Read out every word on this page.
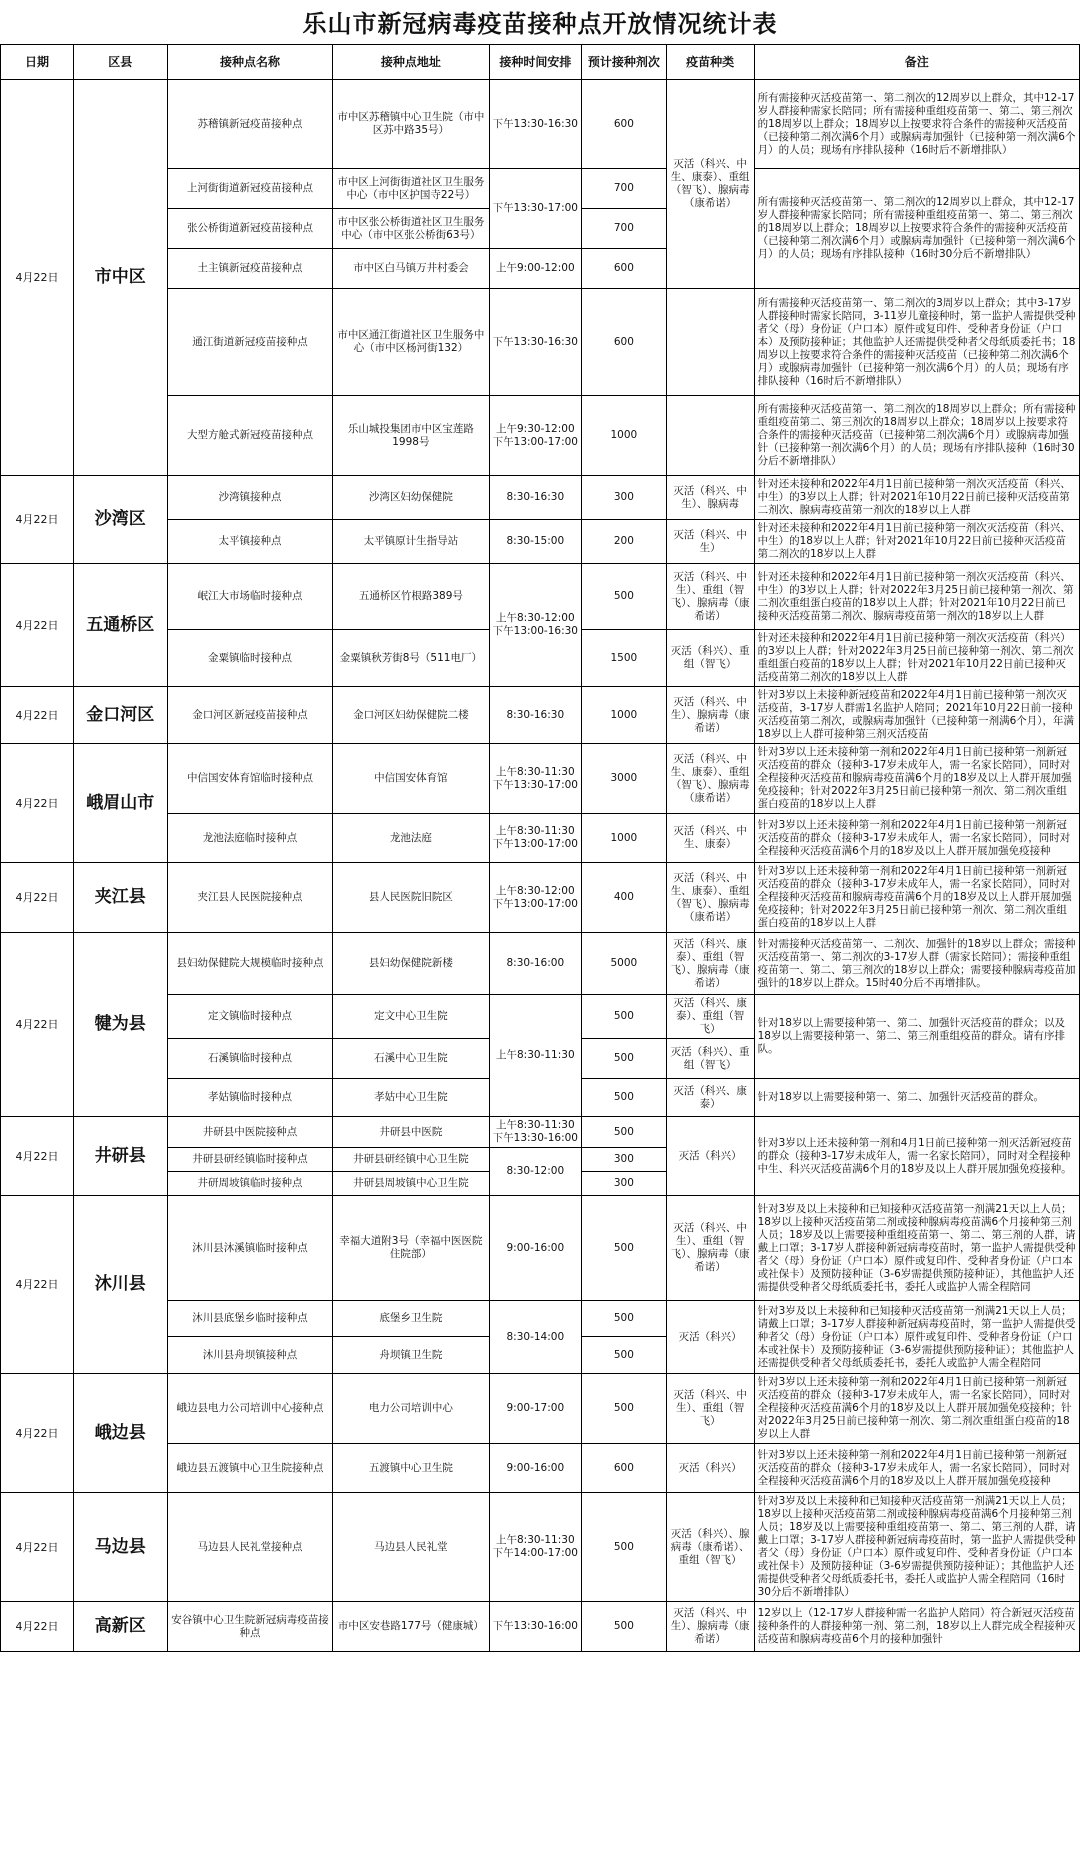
乐山市新冠病毒疫苗接种点开放情况统计表
日期	区县	接种点名称	接种点地址	接种时间安排	预计接种剂次	疫苗种类	备注
4月22日	市中区	苏稽镇新冠疫苗接种点	市中区苏稽镇中心卫生院（市中区苏中路35号）	下午13:30-16:30	600	灭活（科兴、中生、康泰）、重组（智飞）、腺病毒（康希诺）	所有需接种灭活疫苗第一、第二剂次的12周岁以上群众，其中12-17岁人群接种需家长陪同；所有需接种重组疫苗第一、第二、第三剂次的18周岁以上群众；18周岁以上按要求符合条件的需接种灭活疫苗（已接种第二剂次满6个月）或腺病毒加强针（已接种第一剂次满6个月）的人员；现场有序排队接种（16时后不新增排队）
		上河街街道新冠疫苗接种点	市中区上河街街道社区卫生服务中心（市中区护国寺22号）	下午13:30-17:00	700		所有需接种灭活疫苗第一、第二剂次的12周岁以上群众，其中12-17岁人群接种需家长陪同；所有需接种重组疫苗第一、第二、第三剂次的18周岁以上群众；18周岁以上按要求符合条件的需接种灭活疫苗（已接种第二剂次满6个月）或腺病毒加强针（已接种第一剂次满6个月）的人员；现场有序排队接种（16时30分后不新增排队）
		张公桥街道新冠疫苗接种点	市中区张公桥街道社区卫生服务中心（市中区张公桥街63号）		700		
		土主镇新冠疫苗接种点	市中区白马镇万井村委会	上午9:00-12:00	600		
		通江街道新冠疫苗接种点	市中区通江街道社区卫生服务中心（市中区杨河街132）	下午13:30-16:30	600		所有需接种灭活疫苗第一、第二剂次的3周岁以上群众；其中3-17岁人群接种时需家长陪同，3-11岁儿童接种时，第一监护人需提供受种者父（母）身份证（户口本）原件或复印件、受种者身份证（户口本）及预防接种证；其他监护人还需提供受种者父母纸质委托书；18周岁以上按要求符合条件的需接种灭活疫苗（已接种第二剂次满6个月）或腺病毒加强针（已接种第一剂次满6个月）的人员；现场有序排队接种（16时后不新增排队）
		大型方舱式新冠疫苗接种点	乐山城投集团市中区宝莲路1998号	上午9:30-12:00 下午13:00-17:00	1000		所有需接种灭活疫苗第一、第二剂次的18周岁以上群众；所有需接种重组疫苗第二、第三剂次的18周岁以上群众；18周岁以上按要求符合条件的需接种灭活疫苗（已接种第二剂次满6个月）或腺病毒加强针（已接种第一剂次满6个月）的人员；现场有序排队接种（16时30分后不新增排队）
4月22日	沙湾区	沙湾镇接种点	沙湾区妇幼保健院	8:30-16:30	300	灭活（科兴、中生）、腺病毒	针对还未接种和2022年4月1日前已接种第一剂次灭活疫苗（科兴、中生）的3岁以上人群；针对2021年10月22日前已接种灭活疫苗第二剂次、腺病毒疫苗第一剂次的18岁以上人群
		太平镇接种点	太平镇原计生指导站	8:30-15:00	200	灭活（科兴、中生）	针对还未接种和2022年4月1日前已接种第一剂次灭活疫苗（科兴、中生）的18岁以上人群；针对2021年10月22日前已接种灭活疫苗第二剂次的18岁以上人群
4月22日	五通桥区	岷江大市场临时接种点	五通桥区竹根路389号	上午8:30-12:00 下午13:00-16:30	500	灭活（科兴、中生）、重组（智飞）、腺病毒（康希诺）	针对还未接种和2022年4月1日前已接种第一剂次灭活疫苗（科兴、中生）的3岁以上人群；针对2022年3月25日前已接种第一剂次、第二剂次重组蛋白疫苗的18岁以上人群；针对2021年10月22日前已接种灭活疫苗第二剂次、腺病毒疫苗第一剂次的18岁以上人群
		金粟镇临时接种点	金粟镇秋芳街8号（511电厂）		1500	灭活（科兴）、重组（智飞）	针对还未接种和2022年4月1日前已接种第一剂次灭活疫苗（科兴）的3岁以上人群；针对2022年3月25日前已接种第一剂次、第二剂次重组蛋白疫苗的18岁以上人群；针对2021年10月22日前已接种灭活疫苗第二剂次的18岁以上人群
4月22日	金口河区	金口河区新冠疫苗接种点	金口河区妇幼保健院二楼	8:30-16:30	1000	灭活（科兴、中生）、腺病毒（康希诺）	针对3岁以上未接种新冠疫苗和2022年4月1日前已接种第一剂次灭活疫苗，3-17岁人群需1名监护人陪同；2021年10月22日前一接种灭活疫苗第二剂次，或腺病毒加强针（已接种第一剂满6个月），年满18岁以上人群可接种第三剂灭活疫苗
4月22日	峨眉山市	中信国安体育馆临时接种点	中信国安体育馆	上午8:30-11:30 下午13:30-17:00	3000	灭活（科兴、中生、康泰）、重组（智飞）、腺病毒（康希诺）	针对3岁以上还未接种第一剂和2022年4月1日前已接种第一剂新冠灭活疫苗的群众（接种3-17岁未成年人，需一名家长陪同），同时对全程接种灭活疫苗和腺病毒疫苗满6个月的18岁及以上人群开展加强免疫接种；针对2022年3月25日前已接种第一剂次、第二剂次重组蛋白疫苗的18岁以上人群
		龙池法庭临时接种点	龙池法庭	上午8:30-11:30 下午13:00-17:00	1000	灭活（科兴、中生、康泰）	针对3岁以上还未接种第一剂和2022年4月1日前已接种第一剂新冠灭活疫苗的群众（接种3-17岁未成年人，需一名家长陪同），同时对全程接种灭活疫苗满6个月的18岁及以上人群开展加强免疫接种
4月22日	夹江县	夹江县人民医院接种点	县人民医院旧院区	上午8:30-12:00 下午13:00-17:00	400	灭活（科兴、中生、康泰）、重组（智飞）、腺病毒（康希诺）	针对3岁以上还未接种第一剂和2022年4月1日前已接种第一剂新冠灭活疫苗的群众（接种3-17岁未成年人，需一名家长陪同），同时对全程接种灭活疫苗和腺病毒疫苗满6个月的18岁及以上人群开展加强免疫接种；针对2022年3月25日前已接种第一剂次、第二剂次重组蛋白疫苗的18岁以上人群
4月22日	犍为县	县妇幼保健院大规模临时接种点	县妇幼保健院新楼	8:30-16:00	5000	灭活（科兴、康泰）、重组（智飞）、腺病毒（康希诺）	针对需接种灭活疫苗第一、二剂次、加强针的18岁以上群众；需接种灭活疫苗第一、第二剂次的3-17岁人群（需家长陪同）；需接种重组疫苗第一、第二、第三剂次的18岁以上群众；需要接种腺病毒疫苗加强针的18岁以上群众。15时40分后不再增排队。
		定文镇临时接种点	定文中心卫生院	上午8:30-11:30	500	灭活（科兴、康泰）、重组（智飞）	针对18岁以上需要接种第一、第二、加强针灭活疫苗的群众；以及18岁以上需要接种第一、第二、第三剂重组疫苗的群众。请有序排队。
		石溪镇临时接种点	石溪中心卫生院		500	灭活（科兴）、重组（智飞）	
		孝姑镇临时接种点	孝姑中心卫生院		500	灭活（科兴、康泰）	针对18岁以上需要接种第一、第二、加强针灭活疫苗的群众。
4月22日	井研县	井研县中医院接种点	井研县中医院	上午8:30-11:30 下午13:30-16:00	500	灭活（科兴）	针对3岁以上还未接种第一剂和4月1日前已接种第一剂灭活新冠疫苗的群众（接种3-17岁未成年人，需一名家长陪同），同时对全程接种中生、科兴灭活疫苗满6个月的18岁及以上人群开展加强免疫接种。
		井研县研经镇临时接种点	井研县研经镇中心卫生院	8:30-12:00	300		
		井研周坡镇临时接种点	井研县周坡镇中心卫生院		300		
4月22日	沐川县	沐川县沐溪镇临时接种点	幸福大道附3号（幸福中医医院住院部）	9:00-16:00	500	灭活（科兴、中生）、重组（智飞）、腺病毒（康希诺）	针对3岁及以上未接种和已知接种灭活疫苗第一剂满21天以上人员；18岁以上接种灭活疫苗第二剂或接种腺病毒疫苗满6个月接种第三剂人员；18岁及以上需要接种重组疫苗第一、第二、第三剂的人群，请戴上口罩；3-17岁人群接种新冠病毒疫苗时，第一监护人需提供受种者父（母）身份证（户口本）原件或复印件、受种者身份证（户口本或社保卡）及预防接种证（3-6岁需提供预防接种证），其他监护人还需提供受种者父母纸质委托书，委托人或监护人需全程陪同
		沐川县底堡乡临时接种点	底堡乡卫生院	8:30-14:00	500	灭活（科兴）	针对3岁及以上未接种和已知接种灭活疫苗第一剂满21天以上人员；请戴上口罩；3-17岁人群接种新冠病毒疫苗时，第一监护人需提供受种者父（母）身份证（户口本）原件或复印件、受种者身份证（户口本或社保卡）及预防接种证（3-6岁需提供预防接种证）；其他监护人还需提供受种者父母纸质委托书，委托人或监护人需全程陪同
		沐川县舟坝镇接种点	舟坝镇卫生院		500		
4月22日	峨边县	峨边县电力公司培训中心接种点	电力公司培训中心	9:00-17:00	500	灭活（科兴、中生）、重组（智飞）	针对3岁以上还未接种第一剂和2022年4月1日前已接种第一剂新冠灭活疫苗的群众（接种3-17岁未成年人，需一名家长陪同），同时对全程接种灭活疫苗满6个月的18岁及以上人群开展加强免疫接种；针对2022年3月25日前已接种第一剂次、第二剂次重组蛋白疫苗的18岁以上人群
		峨边县五渡镇中心卫生院接种点	五渡镇中心卫生院	9:00-16:00	600	灭活（科兴）	针对3岁以上还未接种第一剂和2022年4月1日前已接种第一剂新冠灭活疫苗的群众（接种3-17岁未成年人，需一名家长陪同），同时对全程接种灭活疫苗满6个月的18岁及以上人群开展加强免疫接种
4月22日	马边县	马边县人民礼堂接种点	马边县人民礼堂	上午8:30-11:30 下午14:00-17:00	500	灭活（科兴）、腺病毒（康希诺）、重组（智飞）	针对3岁及以上未接种和已知接种灭活疫苗第一剂满21天以上人员；18岁以上接种灭活疫苗第二剂或接种腺病毒疫苗满6个月接种第三剂人员；18岁及以上需要接种重组疫苗第一、第二、第三剂的人群，请戴上口罩；3-17岁人群接种新冠病毒疫苗时，第一监护人需提供受种者父（母）身份证（户口本）原件或复印件、受种者身份证（户口本或社保卡）及预防接种证（3-6岁需提供预防接种证）；其他监护人还需提供受种者父母纸质委托书，委托人或监护人需全程陪同（16时30分后不新增排队）
4月22日	高新区	安谷镇中心卫生院新冠病毒疫苗接种点	市中区安巷路177号（健康城）	下午13:30-16:00	500	灭活（科兴、中生）、腺病毒（康希诺）	12岁以上（12-17岁人群接种需一名监护人陪同）符合新冠灭活疫苗接种条件的人群接种第一剂、第二剂，18岁以上人群完成全程接种灭活疫苗和腺病毒疫苗6个月的接种加强针
